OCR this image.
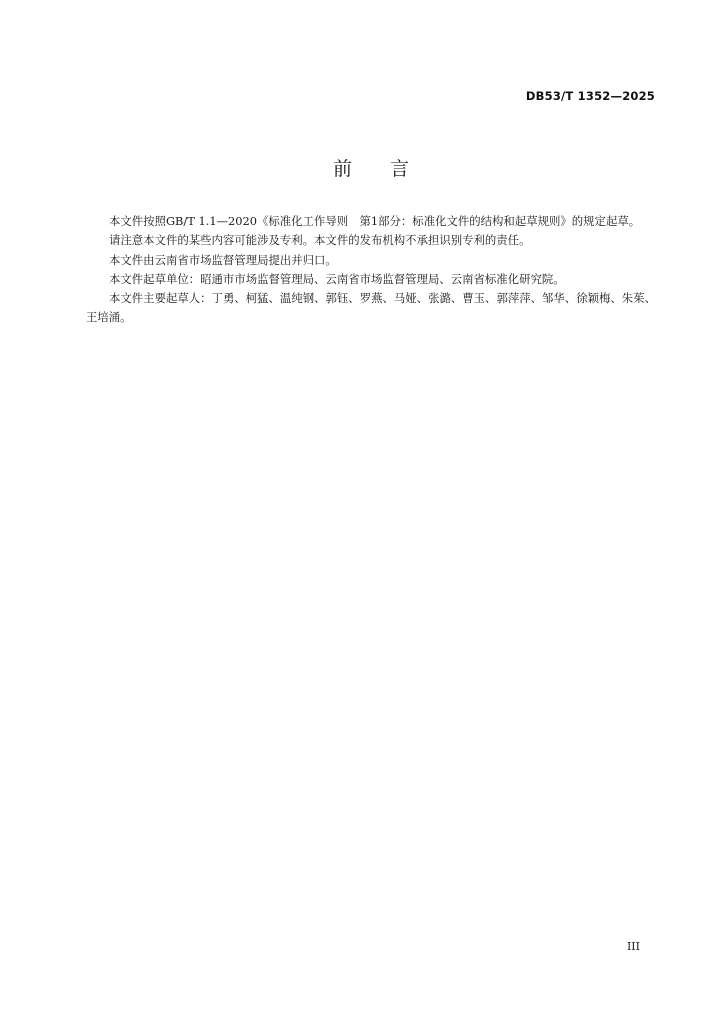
DB53/T 1352—2025
前 言

本文件按照GB/T 1.1—2020《标准化工作导则　第1部分：标准化文件的结构和起草规则》的规定起草。

请注意本文件的某些内容可能涉及专利。本文件的发布机构不承担识别专利的责任。

本文件由云南省市场监督管理局提出并归口。

本文件起草单位：昭通市市场监督管理局、云南省市场监督管理局、云南省标准化研究院。

本文件主要起草人：丁勇、柯猛、温纯钢、郭钰、罗燕、马娅、张潞、曹玉、郭萍萍、邹华、徐颖梅、朱茱、王培涌。

III
